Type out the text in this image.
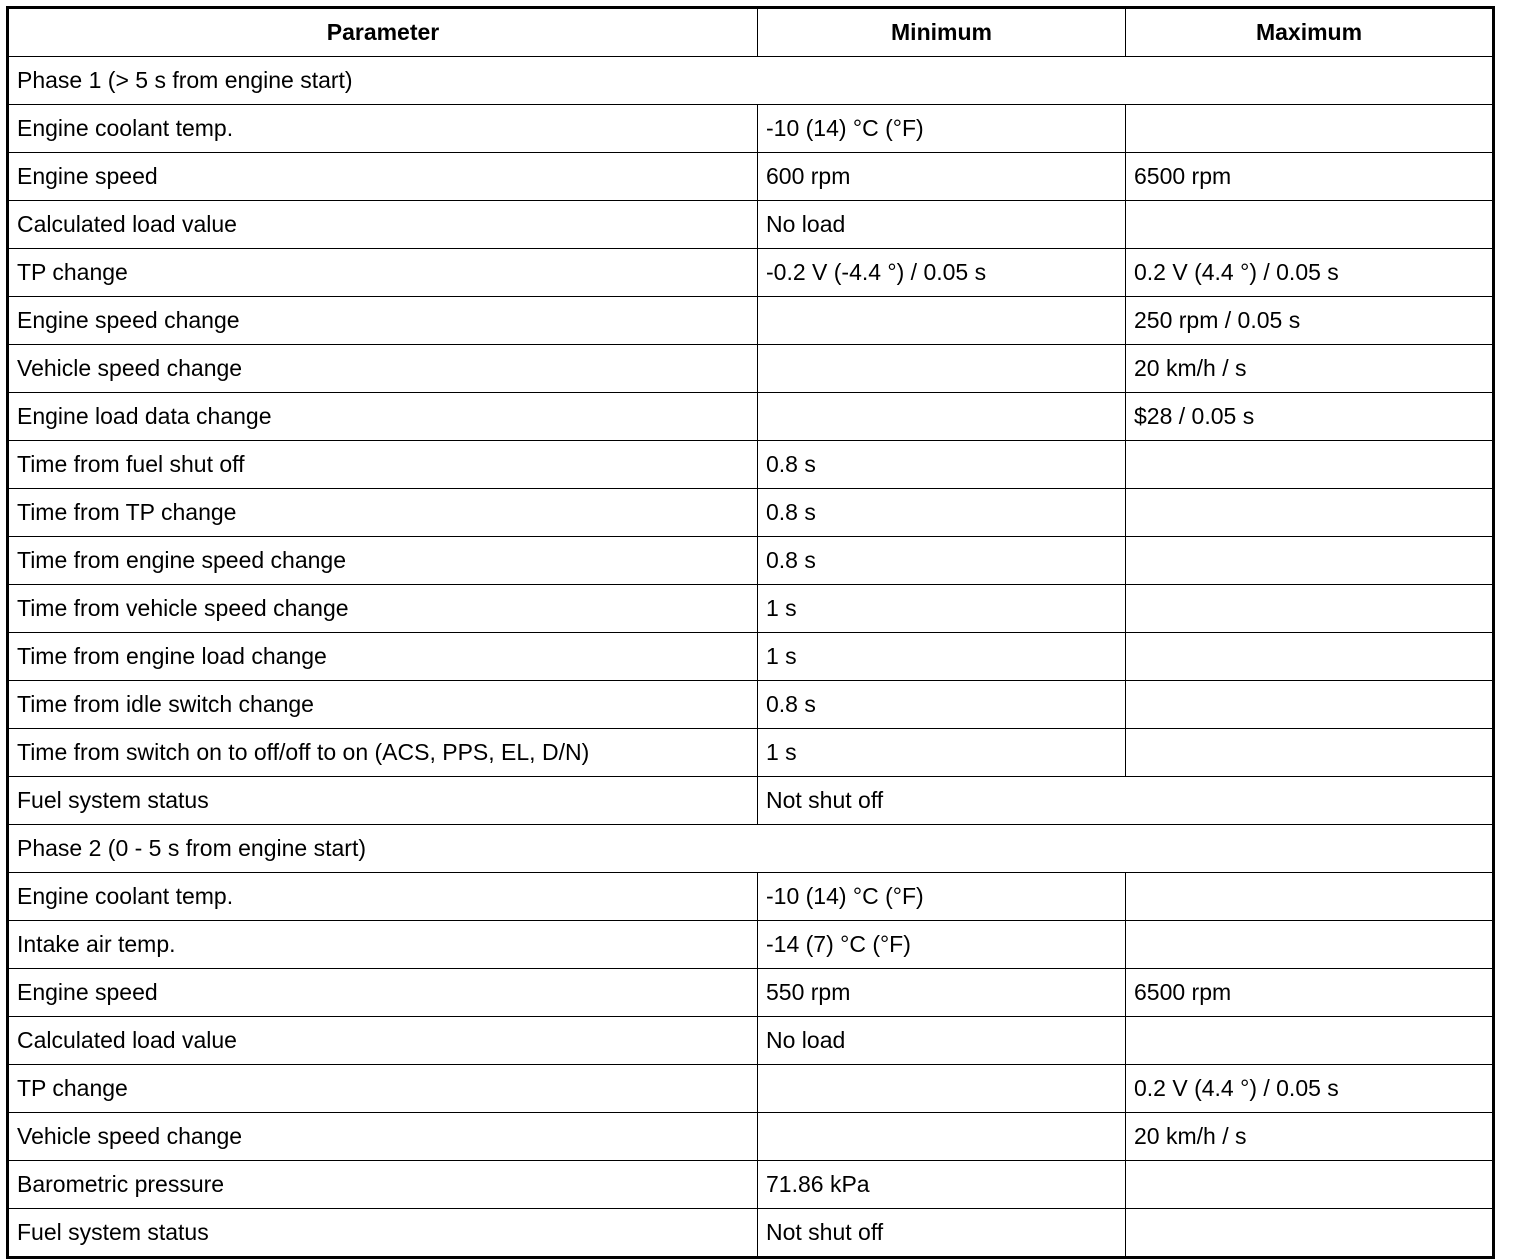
Parameter	Minimum	Maximum
Phase 1 (> 5 s from engine start)		
Engine coolant temp.	-10 (14) °C (°F)	
Engine speed	600 rpm	6500 rpm
Calculated load value	No load	
TP change	-0.2 V (-4.4 °) / 0.05 s	0.2 V (4.4 °) / 0.05 s
Engine speed change		250 rpm / 0.05 s
Vehicle speed change		20 km/h / s
Engine load data change		$28 / 0.05 s
Time from fuel shut off	0.8 s	
Time from TP change	0.8 s	
Time from engine speed change	0.8 s	
Time from vehicle speed change	1 s	
Time from engine load change	1 s	
Time from idle switch change	0.8 s	
Time from switch on to off/off to on (ACS, PPS, EL, D/N)	1 s	
Fuel system status	Not shut off	
Phase 2 (0 - 5 s from engine start)		
Engine coolant temp.	-10 (14) °C (°F)	
Intake air temp.	-14 (7) °C (°F)	
Engine speed	550 rpm	6500 rpm
Calculated load value	No load	
TP change		0.2 V (4.4 °) / 0.05 s
Vehicle speed change		20 km/h / s
Barometric pressure	71.86 kPa	
Fuel system status	Not shut off	
